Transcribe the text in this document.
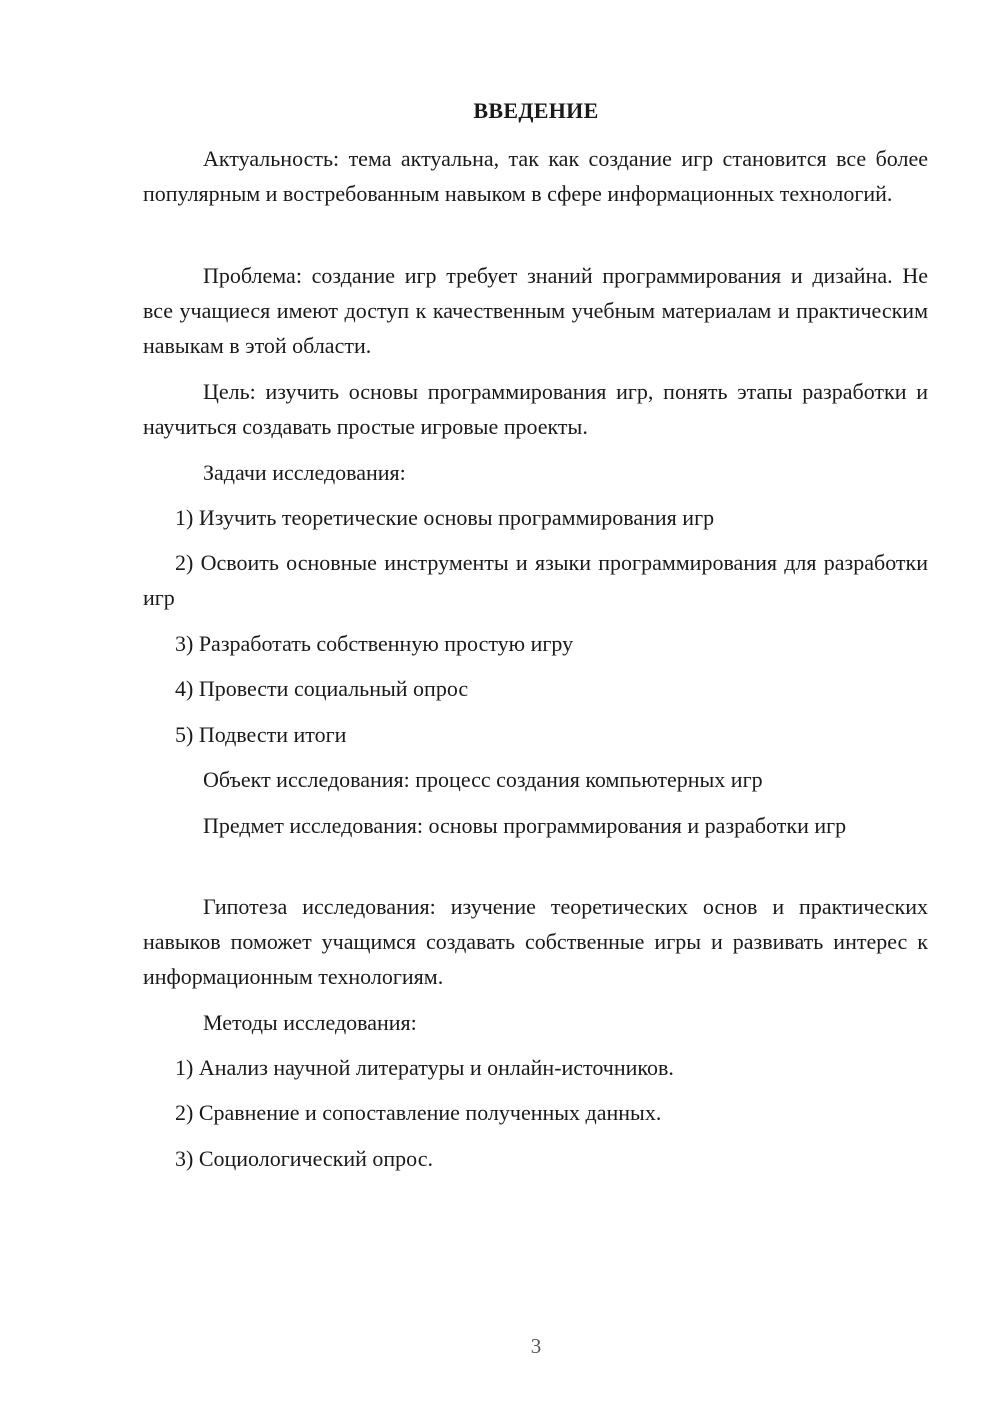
ВВЕДЕНИЕ

Актуальность: тема актуальна, так как создание игр становится все более популярным и востребованным навыком в сфере информационных технологий.

Проблема: создание игр требует знаний программирования и дизайна. Не все учащиеся имеют доступ к качественным учебным материалам и практическим навыкам в этой области.

Цель: изучить основы программирования игр, понять этапы разработки и научиться создавать простые игровые проекты.

Задачи исследования:

1) Изучить теоретические основы программирования игр

2) Освоить основные инструменты и языки программирования для разработки игр

3) Разработать собственную простую игру

4) Провести социальный опрос

5) Подвести итоги

Объект исследования: процесс создания компьютерных игр

Предмет исследования: основы программирования и разработки игр

Гипотеза исследования: изучение теоретических основ и практических навыков поможет учащимся создавать собственные игры и развивать интерес к информационным технологиям.

Методы исследования:

1) Анализ научной литературы и онлайн-источников.

2) Сравнение и сопоставление полученных данных.

3) Социологический опрос.

3
